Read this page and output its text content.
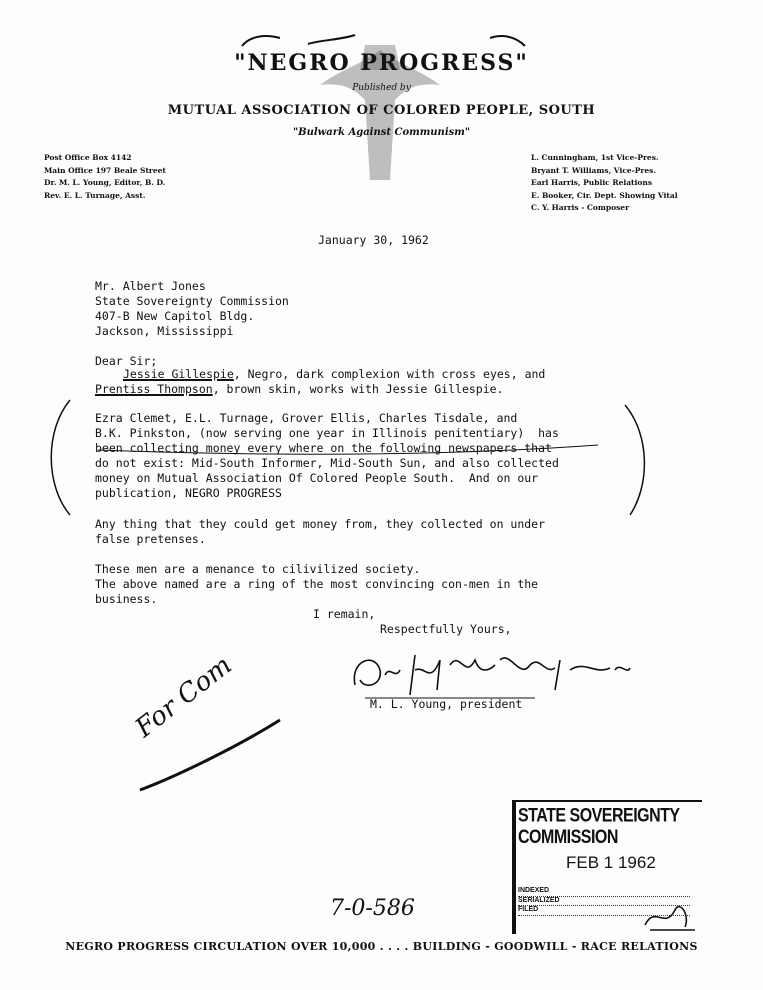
"NEGRO PROGRESS"
Published by
MUTUAL ASSOCIATION OF COLORED PEOPLE, SOUTH
"Bulwark Against Communism"
Post Office Box 4142
Main Office 197 Beale Street
Dr. M. L. Young, Editor, B. D.
Rev. E. L. Turnage, Asst.
L. Cunningham, 1st Vice-Pres.
Bryant T. Williams, Vice-Pres.
Earl Harris, Public Relations
E. Booker, Cir. Dept. Showing Vital
C. Y. Harris - Composer
January 30, 1962
Mr. Albert Jones
State Sovereignty Commission
407-B New Capitol Bldg.
Jackson, Mississippi
Dear Sir;
Jessie Gillespie, Negro, dark complexion with cross eyes, and
Prentiss Thompson, brown skin, works with Jessie Gillespie.
Ezra Clemet, E.L. Turnage, Grover Ellis, Charles Tisdale, and
B.K. Pinkston, (now serving one year in Illinois penitentiary)  has
been collecting money every where on the following newspapers that
do not exist: Mid-South Informer, Mid-South Sun, and also collected
money on Mutual Association Of Colored People South.  And on our
publication, NEGRO PROGRESS
Any thing that they could get money from, they collected on under
false pretenses.
These men are a menance to cilivilized society.
The above named are a ring of the most convincing con-men in the
business.
I remain,
Respectfully Yours,
M. L. Young, president
For Com
STATE SOVEREIGNTY COMMISSION
FEB 1 1962
INDEXED
SERIALIZED
FILED
7-0-586
NEGRO PROGRESS CIRCULATION OVER 10,000 . . . . BUILDING - GOODWILL - RACE RELATIONS
